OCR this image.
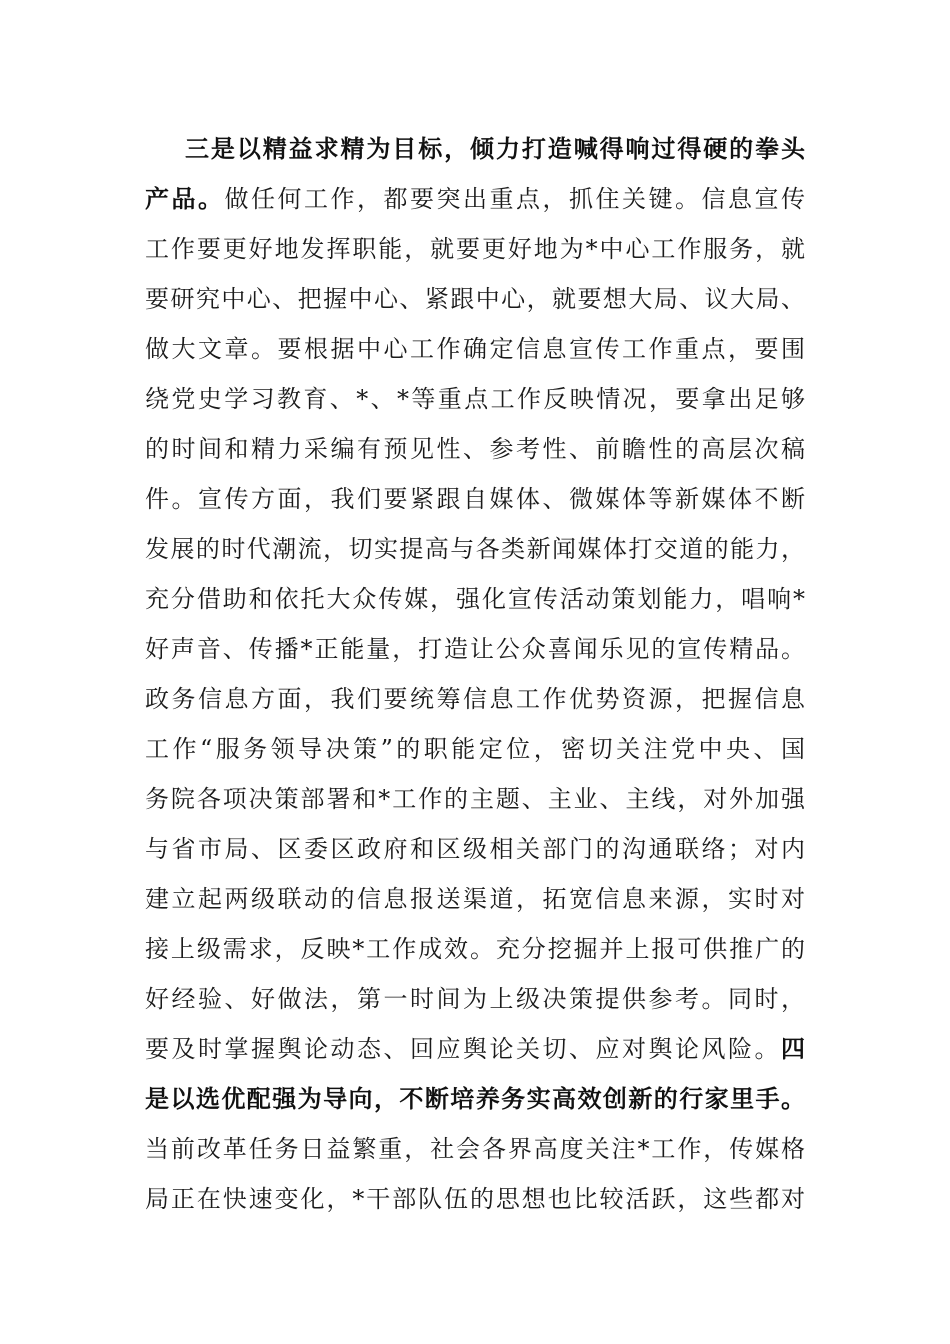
三是以精益求精为目标，倾力打造喊得响过得硬的拳头
产品。做任何工作，都要突出重点，抓住关键。信息宣传
工作要更好地发挥职能，就要更好地为*中心工作服务，就
要研究中心、把握中心、紧跟中心，就要想大局、议大局、
做大文章。要根据中心工作确定信息宣传工作重点，要围
绕党史学习教育、*、*等重点工作反映情况，要拿出足够
的时间和精力采编有预见性、参考性、前瞻性的高层次稿
件。宣传方面，我们要紧跟自媒体、微媒体等新媒体不断
发展的时代潮流，切实提高与各类新闻媒体打交道的能力，
充分借助和依托大众传媒，强化宣传活动策划能力，唱响*
好声音、传播*正能量，打造让公众喜闻乐见的宣传精品。
政务信息方面，我们要统筹信息工作优势资源，把握信息
工作“服务领导决策”的职能定位，密切关注党中央、国
务院各项决策部署和*工作的主题、主业、主线，对外加强
与省市局、区委区政府和区级相关部门的沟通联络；对内
建立起两级联动的信息报送渠道，拓宽信息来源，实时对
接上级需求，反映*工作成效。充分挖掘并上报可供推广的
好经验、好做法，第一时间为上级决策提供参考。同时，
要及时掌握舆论动态、回应舆论关切、应对舆论风险。四
是以选优配强为导向，不断培养务实高效创新的行家里手。
当前改革任务日益繁重，社会各界高度关注*工作，传媒格
局正在快速变化，*干部队伍的思想也比较活跃，这些都对
